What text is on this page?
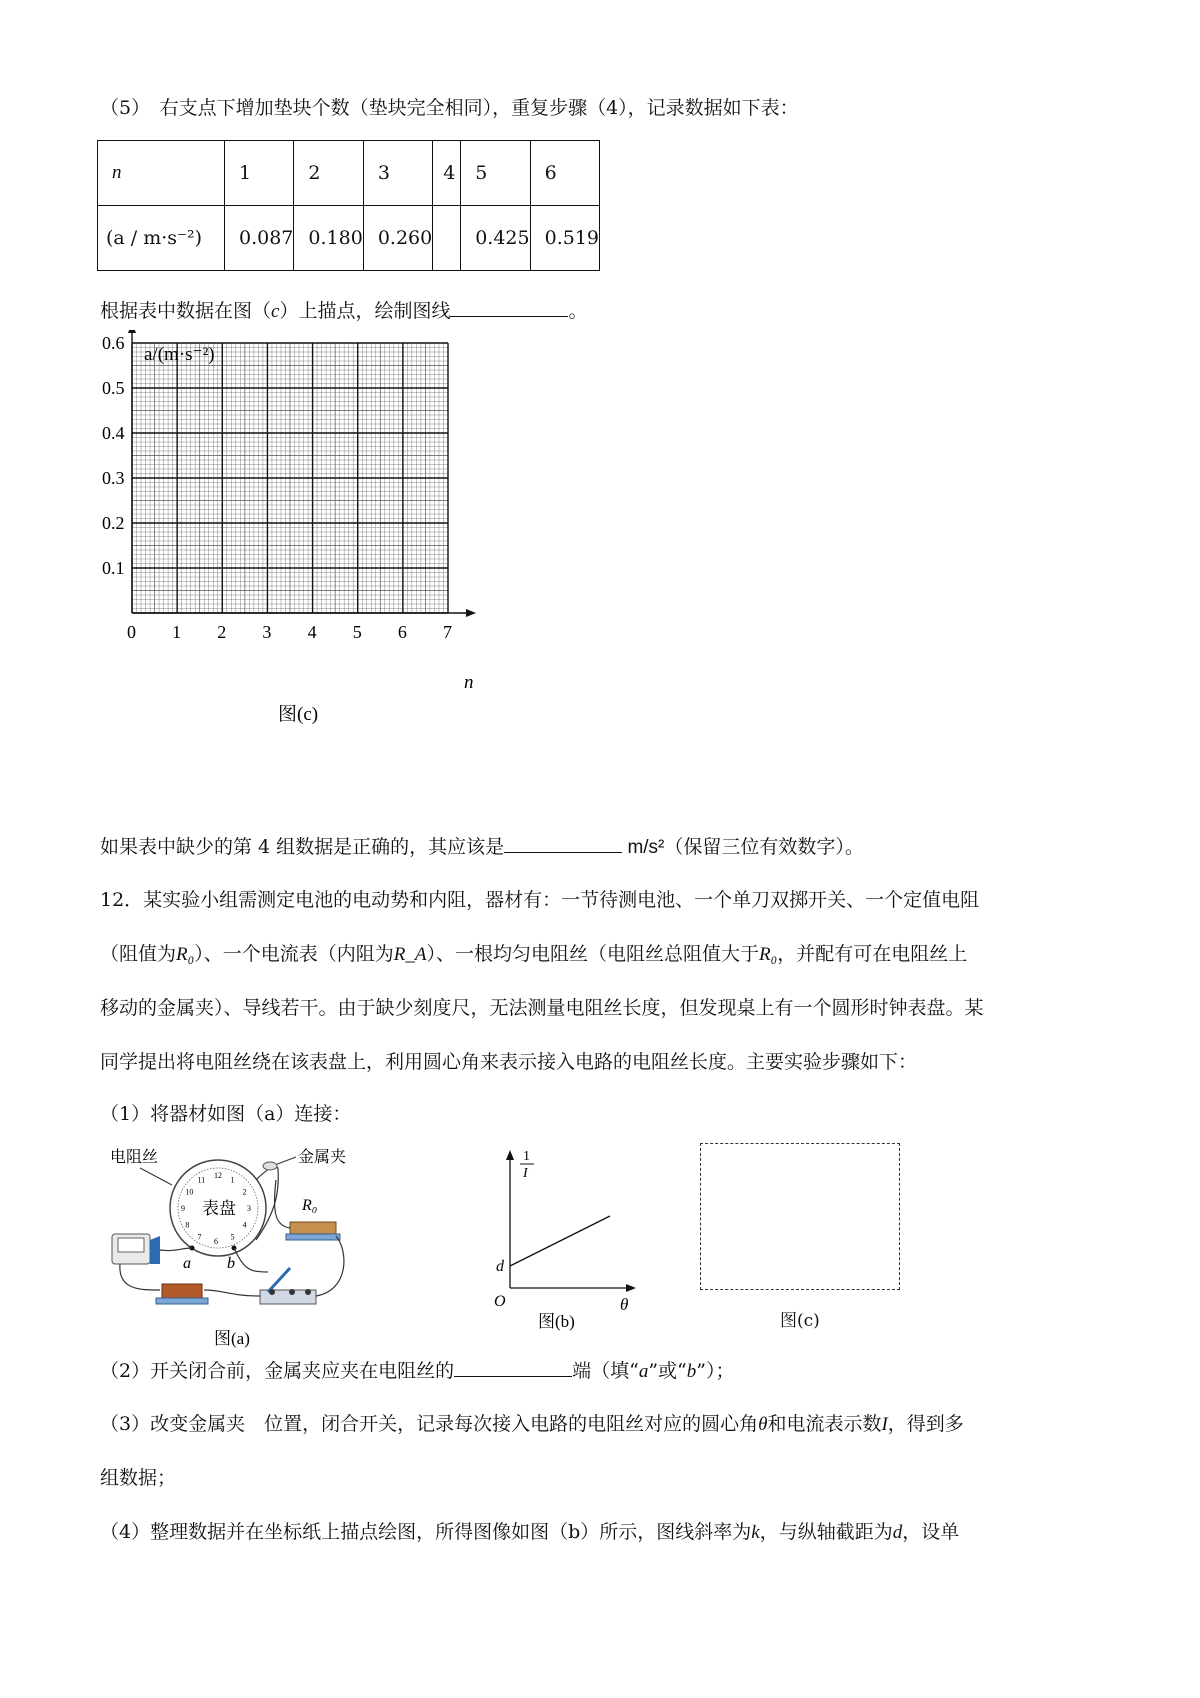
（5）　右支点下增加垫块个数（垫块完全相同），重复步骤（4），记录数据如下表：
n	1	2	3	4	5	6
(a / m·s⁻²)	0.087	0.180	0.260		0.425	0.519
根据表中数据在图（c）上描点，绘制图线	。
0 1 2 3 4 5 6 7
0.1
0.2
0.3
0.4
0.5
0.6
a/(m·s⁻²)
n
图(c)
如果表中缺少的第 4 组数据是正确的，其应该是	m/s²（保留三位有效数字）。
12．某实验小组需测定电池的电动势和内阻，器材有：一节待测电池、一个单刀双掷开关、一个定值电阻
（阻值为R₀）、一个电流表（内阻为R_A）、一根均匀电阻丝（电阻丝总阻值大于R₀，并配有可在电阻丝上
移动的金属夹）、导线若干。由于缺少刻度尺，无法测量电阻丝长度，但发现桌上有一个圆形时钟表盘。某
同学提出将电阻丝绕在该表盘上，利用圆心角来表示接入电路的电阻丝长度。主要实验步骤如下：
（1）将器材如图（a）连接：
电阻丝	金属夹
12 1
2
3
4
5
6
7
8
9
10
11
表盘	R₀
a b
图(a)
1
I
d
O	θ
图(b)	图(c)
（2）开关闭合前，金属夹应夹在电阻丝的	端（填“a”或“b”）；
（3）改变金属夹　位置，闭合开关，记录每次接入电路的电阻丝对应的圆心角θ和电流表示数I，得到多
组数据；
（4）整理数据并在坐标纸上描点绘图，所得图像如图（b）所示，图线斜率为k，与纵轴截距为d，设单
